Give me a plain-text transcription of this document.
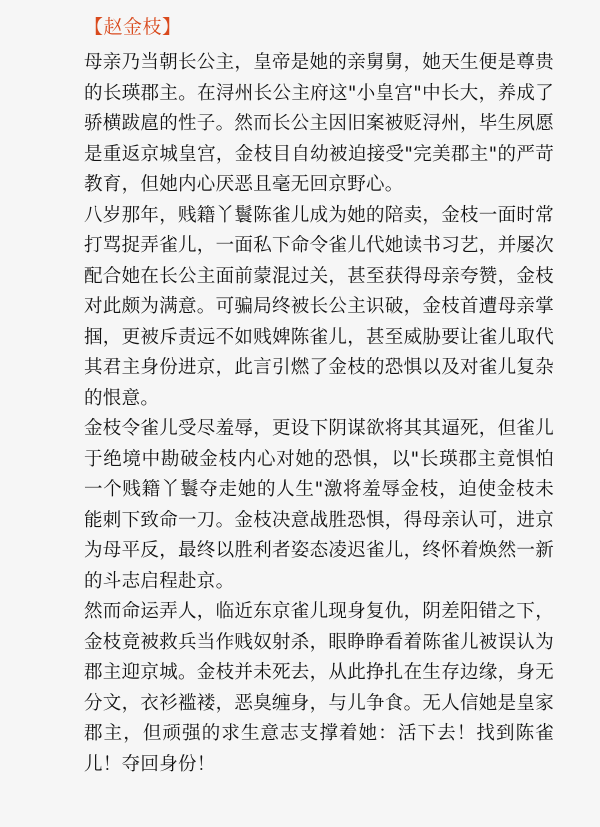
【赵金枝】

母亲乃当朝长公主，皇帝是她的亲舅舅，她天生便是尊贵的长瑛郡主。在浔州长公主府这"小皇宫"中长大，养成了骄横跋扈的性子。然而长公主因旧案被贬浔州，毕生夙愿是重返京城皇宫，金枝目自幼被迫接受"完美郡主"的严苛教育，但她内心厌恶且毫无回京野心。

八岁那年，贱籍丫鬟陈雀儿成为她的陪卖，金枝一面时常打骂捉弄雀儿，一面私下命令雀儿代她读书习艺，并屡次配合她在长公主面前蒙混过关，甚至获得母亲夸赞，金枝对此颇为满意。可骗局终被长公主识破，金枝首遭母亲掌掴，更被斥责远不如贱婢陈雀儿，甚至威胁要让雀儿取代其君主身份进京，此言引燃了金枝的恐惧以及对雀儿复杂的恨意。

金枝令雀儿受尽羞辱，更设下阴谋欲将其其逼死，但雀儿于绝境中勘破金枝内心对她的恐惧，以"长瑛郡主竟惧怕一个贱籍丫鬟夺走她的人生"激将羞辱金枝，迫使金枝未能刺下致命一刀。金枝决意战胜恐惧，得母亲认可，进京为母平反，最终以胜利者姿态凌迟雀儿，终怀着焕然一新的斗志启程赴京。

然而命运弄人，临近东京雀儿现身复仇，阴差阳错之下，金枝竟被救兵当作贱奴射杀，眼睁睁看着陈雀儿被误认为郡主迎京城。金枝并未死去，从此挣扎在生存边缘，身无分文，衣衫褴褛，恶臭缠身，与儿争食。无人信她是皇家郡主，但顽强的求生意志支撑着她：活下去！找到陈雀儿！夺回身份！
